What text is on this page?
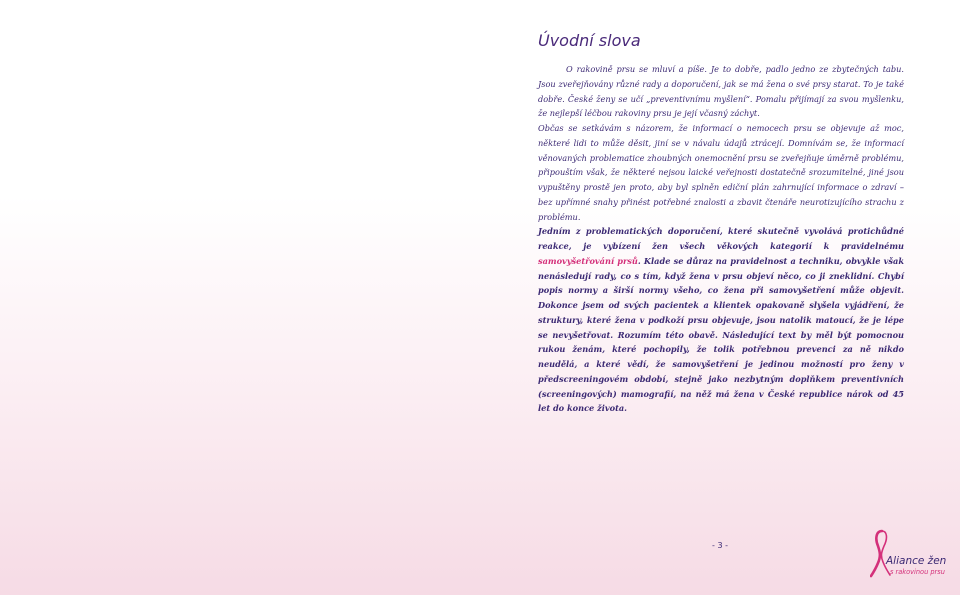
Úvodní slova

O rakovině prsu se mluví a píše. Je to dobře, padlo jedno ze zbytečných tabu. Jsou zveřejňovány různé rady a doporučení, jak se má žena o své prsy starat. To je také dobře. České ženy se učí „preventivnímu myšlení“. Pomalu přijímají za svou myšlenku, že nejlepší léčbou rakoviny prsu je její včasný záchyt.

Občas se setkávám s názorem, že informací o nemocech prsu se objevuje až moc, některé lidi to může děsit, jiní se v návalu údajů ztrácejí. Domnívám se, že informací věnovaných problematice zhoubných onemocnění prsu se zveřejňuje úměrně problému, připouštím však, že některé nejsou laické veřejnosti dostatečně srozumitelné, jiné jsou vypuštěny prostě jen proto, aby byl splněn ediční plán zahrnující informace o zdraví – bez upřímné snahy přinést potřebné znalosti a zbavit čtenáře neurotizujícího strachu z problému.

Jedním z problematických doporučení, které skutečně vyvolává protichůdné reakce, je vybízení žen všech věkových kategorií k pravidelnému samovyšetřování prsů. Klade se důraz na pravidelnost a techniku, obvykle však nenásledují rady, co s tím, když žena v prsu objeví něco, co ji zneklidní. Chybí popis normy a širší normy všeho, co žena při samovyšetření může objevit. Dokonce jsem od svých pacientek a klientek opakovaně slyšela vyjádření, že struktury, které žena v podkoží prsu objevuje, jsou natolik matoucí, že je lépe se nevyšetřovat. Rozumím této obavě. Následující text by měl být pomocnou rukou ženám, které pochopily, že tolik potřebnou prevenci za ně nikdo neudělá, a které vědí, že samovyšetření je jedinou možností pro ženy v předscreeningovém období, stejně jako nezbytným doplňkem preventivních (screeningových) mamografií, na něž má žena v České republice nárok od 45 let do konce života.

- 3 -
Aliance žen
s rakovinou prsu
